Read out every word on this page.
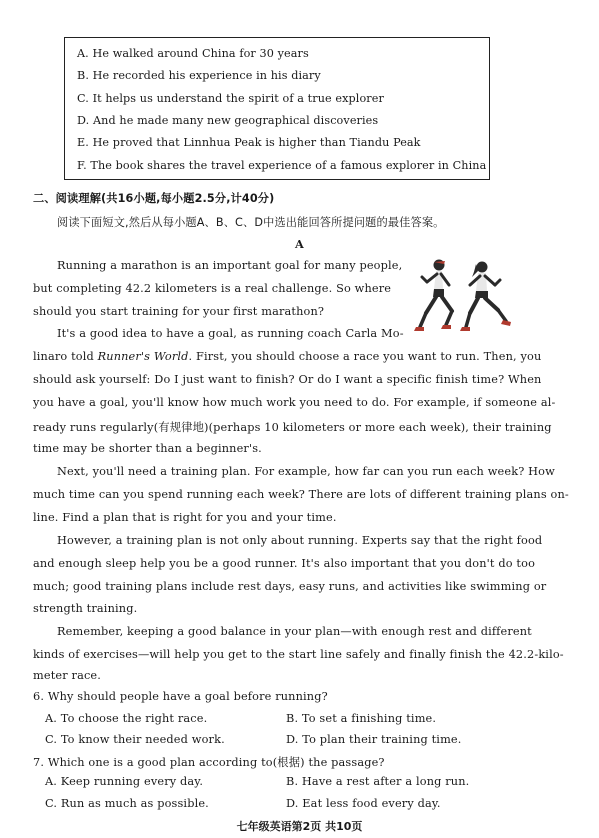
A. He walked around China for 30 years
B. He recorded his experience in his diary
C. It helps us understand the spirit of a true explorer
D. And he made many new geographical discoveries
E. He proved that Linnhua Peak is higher than Tiandu Peak
F. The book shares the travel experience of a famous explorer in China
二、阅读理解(共16小题,每小题2.5分,计40分)
阅读下面短文,然后从每小题A、B、C、D中选出能回答所提问题的最佳答案。
A
Running a marathon is an important goal for many people,
but completing 42.2 kilometers is a real challenge. So where
should you start training for your first marathon?
It's a good idea to have a goal, as running coach Carla Mo-
linaro told Runner's World. First, you should choose a race you want to run. Then, you
should ask yourself: Do I just want to finish? Or do I want a specific finish time? When
you have a goal, you'll know how much work you need to do. For example, if someone al-
ready runs regularly(有规律地)(perhaps 10 kilometers or more each week), their training
time may be shorter than a beginner's.
Next, you'll need a training plan. For example, how far can you run each week? How
much time can you spend running each week? There are lots of different training plans on-
line. Find a plan that is right for you and your time.
However, a training plan is not only about running. Experts say that the right food
and enough sleep help you be a good runner. It's also important that you don't do too
much; good training plans include rest days, easy runs, and activities like swimming or
strength training.
Remember, keeping a good balance in your plan—with enough rest and different
kinds of exercises—will help you get to the start line safely and finally finish the 42.2-kilo-
meter race.
6. Why should people have a goal before running?
A. To choose the right race.	B. To set a finishing time.
C. To know their needed work.	D. To plan their training time.
7. Which one is a good plan according to(根据) the passage?
A. Keep running every day.	B. Have a rest after a long run.
C. Run as much as possible.	D. Eat less food every day.
七年级英语第2页 共10页
